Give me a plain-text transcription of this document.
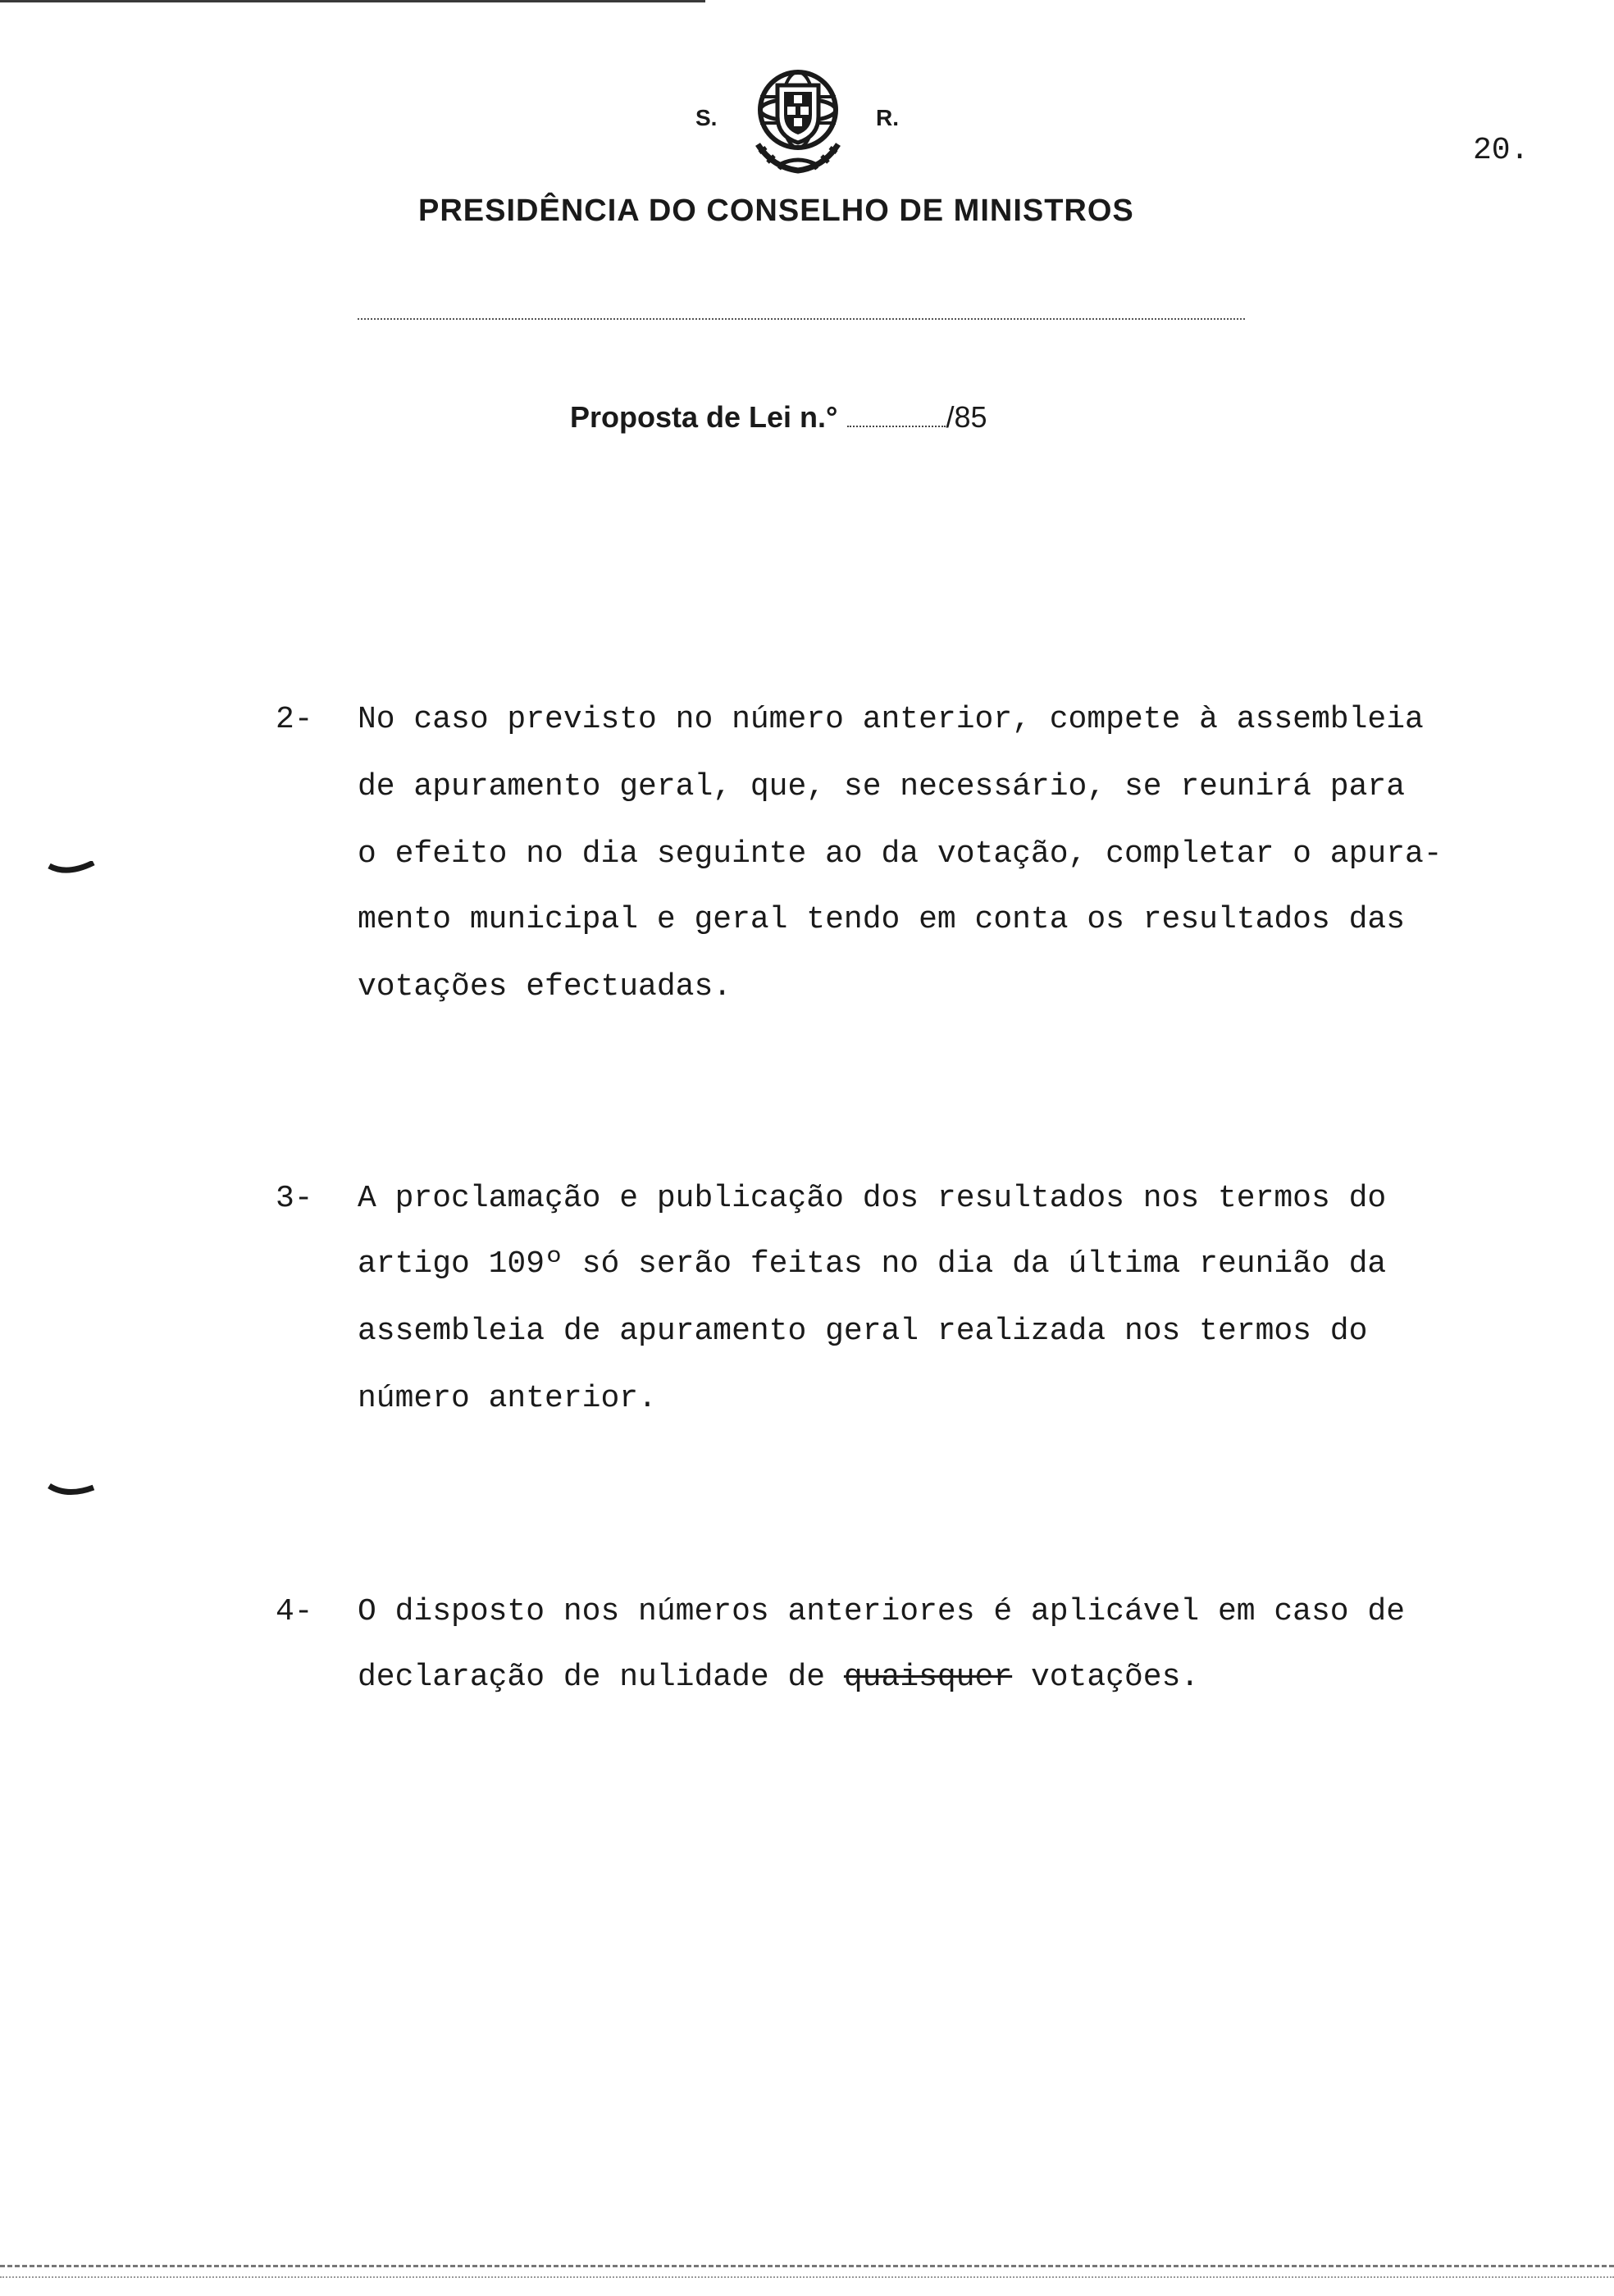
S.	R.
20.
PRESIDÊNCIA DO CONSELHO DE MINISTROS
Proposta de Lei n.°	/85
2- No caso previsto no número anterior, compete à assembleia
de apuramento geral, que, se necessário, se reunirá para
o efeito no dia seguinte ao da votação, completar o apura-
mento municipal e geral tendo em conta os resultados das
votações efectuadas.
3- A proclamação e publicação dos resultados nos termos do
artigo 109º só serão feitas no dia da última reunião da
assembleia de apuramento geral realizada nos termos do
número anterior.
4- O disposto nos números anteriores é aplicável em caso de
declaração de nulidade de quaisquer votações.
